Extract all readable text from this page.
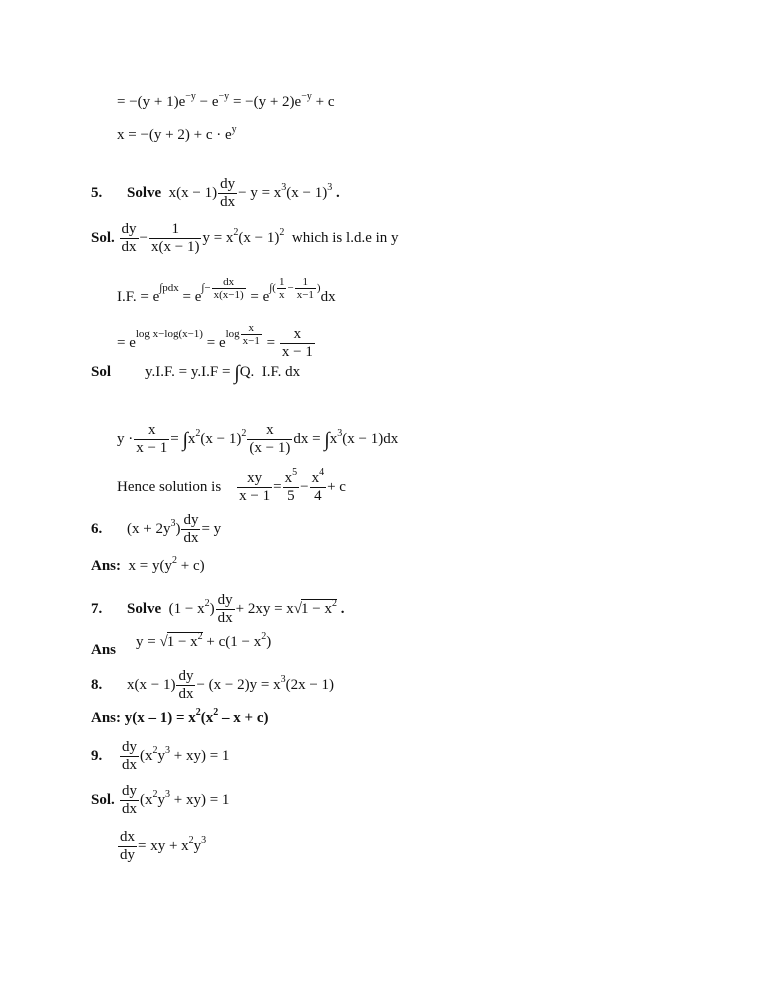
= $-(y + 1)e^{-y} - e^{-y} = -(y + 2)e^{-y} + c$
$x = -(y + 2) + c \cdot e^y$
5. Solve  $x(x - 1) \frac{dy}{dx} - y = x^3(x - 1)^3$ .
Sol. $\frac{dy}{dx} - \frac{1}{x(x - 1)}$ $y = x^2(x - 1)^2$ which is l.d.e in y
I.F. = $e^{\int pdx} = e^{\int- \frac{dx}{x(x-1)}} = e^{\int( \frac{1}{x} - \frac{1}{x-1} )}dx$
= $e^{log x-log(x-1)} = e^{log \frac{x}{x-1}} = \frac{x}{x - 1}$
Sol y.I.F. = y.I.F = ∫Q.  I.F. dx
$y \cdot \frac{x}{x - 1} = \int x^2(x - 1)^2 \frac{x}{(x - 1)}$ dx = $\int x^3(x - 1)dx$
Hence solution is $\frac{xy}{x - 1} = \frac{x^5}{5} - \frac{x^4}{4} + c$
6. $(x + 2y^3) \frac{dy}{dx} = y$
Ans:  $x = y(y^2 + c)$
7. Solve  $(1 - x^2) \frac{dy}{dx} + 2xy = x√1 - x^2$ .
Ans $y = √1 - x^2 + c(1 - x^2)$
8. $x(x - 1) \frac{dy}{dx} - (x - 2)y = x^3(2x - 1)$
Ans: $y(x - 1) = x^2(x^2 - x + c)$
9. $\frac{dy}{dx} (x^2y^3 + xy) = 1$
Sol. $\frac{dy}{dx} (x^2y^3 + xy) = 1$
$\frac{dx}{dy}$ = xy + $x^2y^3$
